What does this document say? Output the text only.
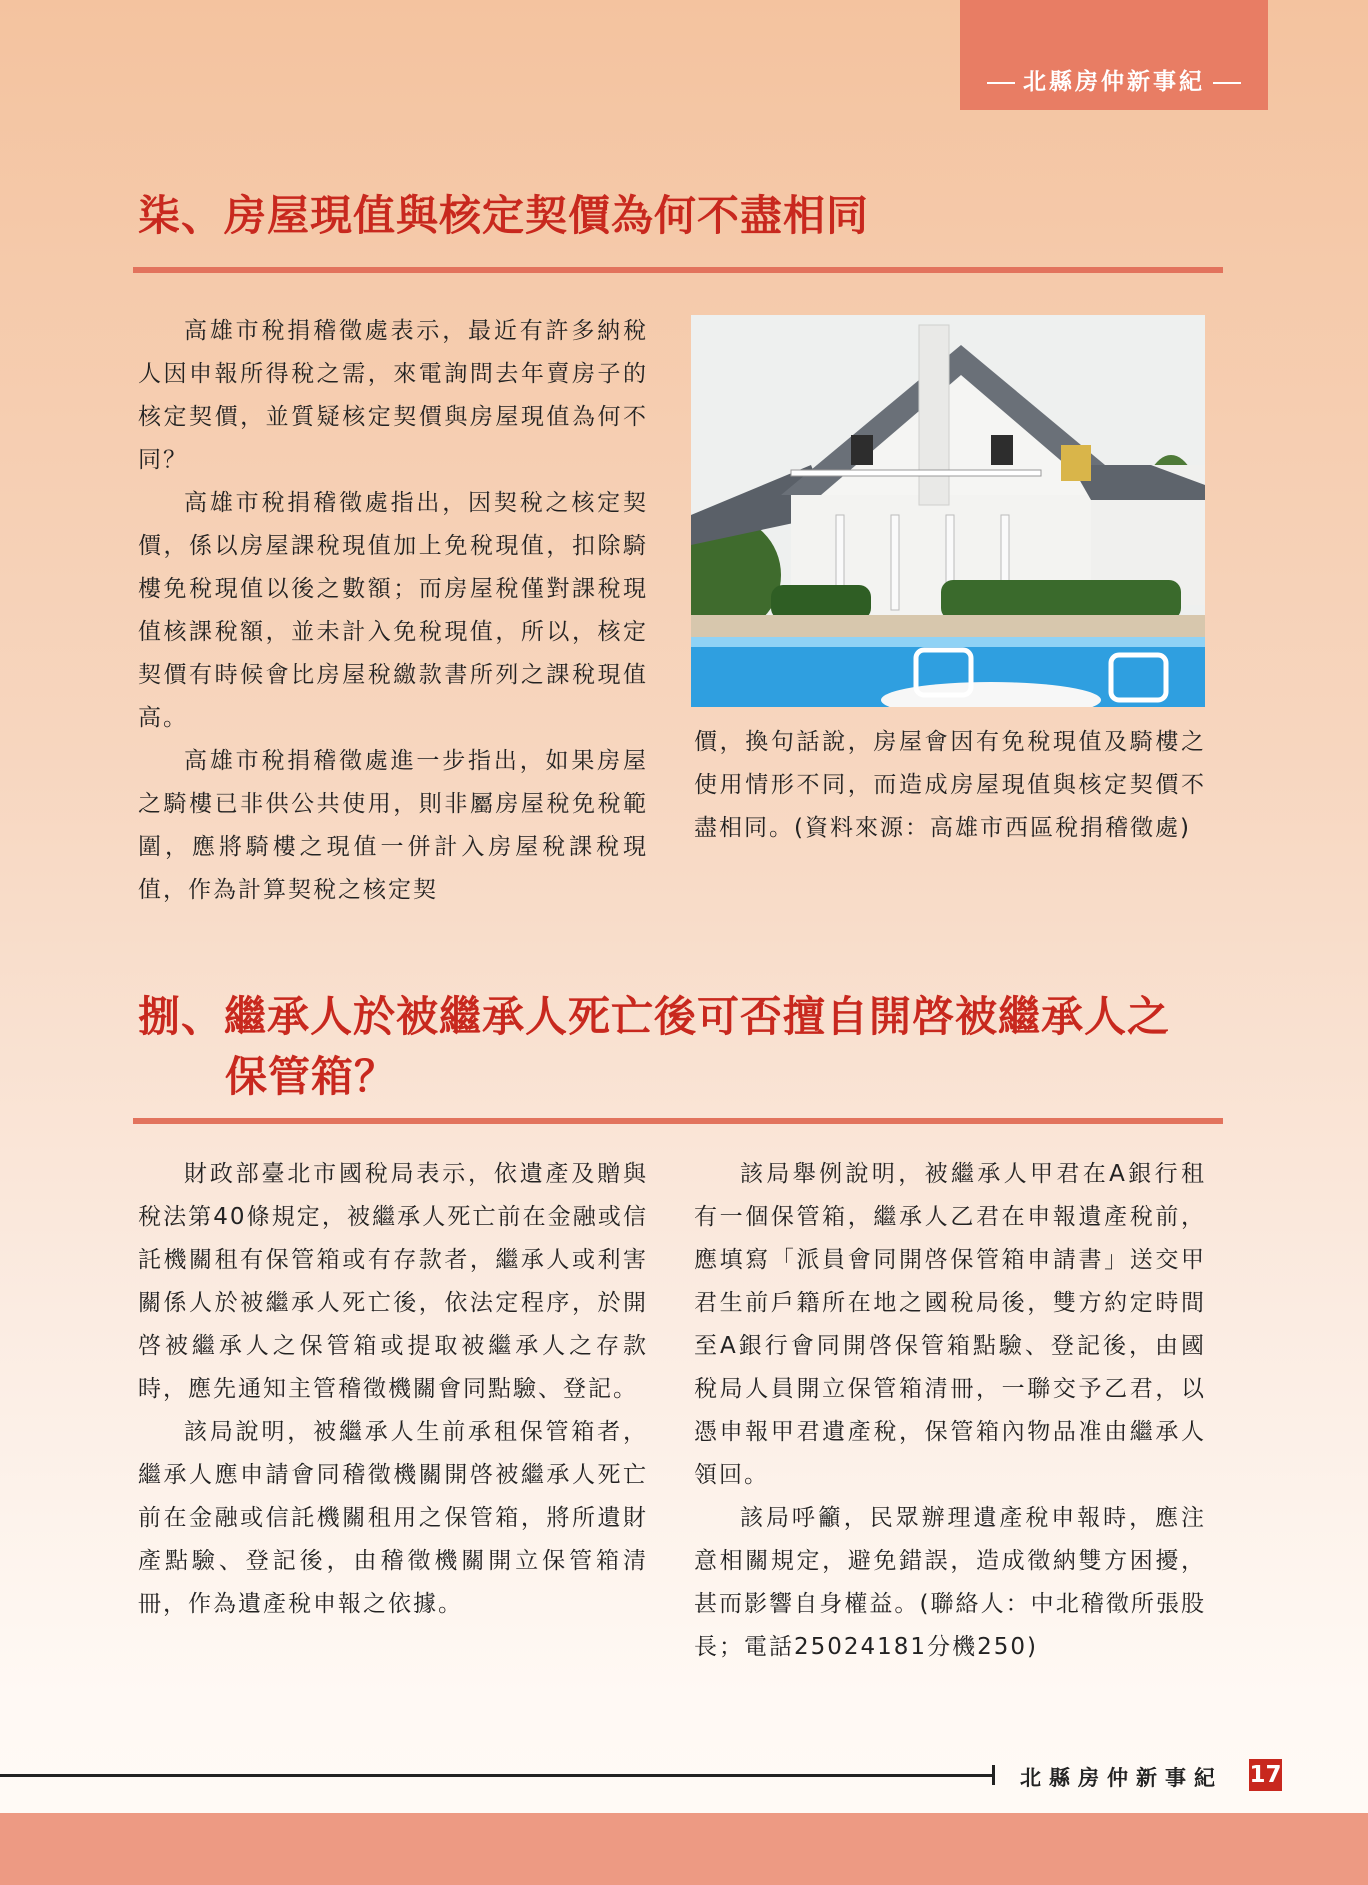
北縣房仲新事紀
柒、房屋現值與核定契價為何不盡相同

高雄市稅捐稽徵處表示，最近有許多納稅人因申報所得稅之需，來電詢問去年賣房子的核定契價，並質疑核定契價與房屋現值為何不同？

高雄市稅捐稽徵處指出，因契稅之核定契價，係以房屋課稅現值加上免稅現值，扣除騎樓免稅現值以後之數額；而房屋稅僅對課稅現值核課稅額，並未計入免稅現值，所以，核定契價有時候會比房屋稅繳款書所列之課稅現值高。

高雄市稅捐稽徵處進一步指出，如果房屋之騎樓已非供公共使用，則非屬房屋稅免稅範圍，應將騎樓之現值一併計入房屋稅課稅現值，作為計算契稅之核定契

價，換句話說，房屋會因有免稅現值及騎樓之使用情形不同，而造成房屋現值與核定契價不盡相同。(資料來源：高雄市西區稅捐稽徵處)

捌、繼承人於被繼承人死亡後可否擅自開啓被繼承人之
保管箱？

財政部臺北市國稅局表示，依遺產及贈與稅法第40條規定，被繼承人死亡前在金融或信託機關租有保管箱或有存款者，繼承人或利害關係人於被繼承人死亡後，依法定程序，於開啓被繼承人之保管箱或提取被繼承人之存款時，應先通知主管稽徵機關會同點驗、登記。

該局說明，被繼承人生前承租保管箱者，繼承人應申請會同稽徵機關開啓被繼承人死亡前在金融或信託機關租用之保管箱，將所遺財產點驗、登記後，由稽徵機關開立保管箱清冊，作為遺產稅申報之依據。

該局舉例說明，被繼承人甲君在A銀行租有一個保管箱，繼承人乙君在申報遺產稅前，應填寫「派員會同開啓保管箱申請書」送交甲君生前戶籍所在地之國稅局後，雙方約定時間至A銀行會同開啓保管箱點驗、登記後，由國稅局人員開立保管箱清冊，一聯交予乙君，以憑申報甲君遺產稅，保管箱內物品准由繼承人領回。

該局呼籲，民眾辦理遺產稅申報時，應注意相關規定，避免錯誤，造成徵納雙方困擾，甚而影響自身權益。(聯絡人：中北稽徵所張股長；電話25024181分機250)

北縣房仲新事紀 17
